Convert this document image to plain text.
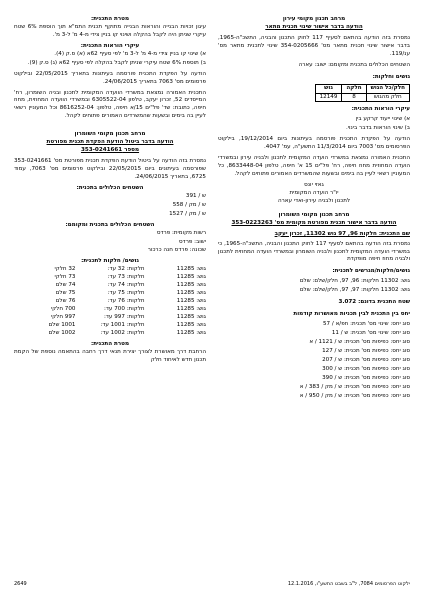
מרחב תכנון מקומי עירון
הודעה בדבר אישור שינוי תכנית מתאר

נמסרת בזה הודעה בהתאם לסעיף 117 לחוק התכנון והבניה, התשכ"ה-1965, בדבר אישור שינוי תכנית מתאר מס' 354-0205666 שינוי לתכנית מתאר מס' ענ/119.

השטחים הכלולים בתכנית ומקומם: ישוב: עארה

גושים וחלקות:
חלק/כל הגוש	חלקה	גוש
חלק מהגוש	8	12149
עיקרי הוראות התכנית:
א) שינוי ייעוד קרקע בין
ב) שינוי הוראות בדבר בינוי.

הודעה על הפקדת התכנית פורסמה בעיתונות ביום 19/12/2014, בילקוט הפרסומים מס' 7003 ביום 11/3/2014 התשע"ה, עמ' 4047.

התכנית האמורה נמצאת במשרדי הועדה המקומית לתכנון ולבניה עירון ובמשרדי הועדה המחוזית מחוז חיפה, רח' פל"ים 15 א' חיפה, טלפון 8633448-04, כל המעוניין רשאי לעיין בה בימים ובשעות שהמשרדים האמורים פתוחים לקהל.

גאזי יונס
יו"ר הועדה המקומית
לתכנון ולבניה עירון-ואדי עארה
מרחב תכנון מקומי השומרון
הודעה בדבר אישור תכנית מפורטת מקומית מס' 353-0223263
שם התכנית: חלקות 96, 97 גוש 11302, זכרון יעקב

נמסרת בזה הודעה בהתאם לסעיף 117 לחוק התכנון והבניה, התשכ"ה-1965, כי במשרדי הועדה המקומית לתכנון ולבניה השומרון ובמשרדי הועדה המחוזית לתכנון ולבניה מחוז חיפה מופקדת

גושים/חלקות/מגרשים לתכנית:
גוש: 11302 חלקות: 96, 97, חלק/שלם: שלם
גוש: 11302 חלקות: 97, 97, חלק/שלם: שלם
שטח התכנית בדונם: 3.072
יחס בין התכנית לבין תכניות מאושרות קודמות
סוג יחס: שינוי מס' תכנית: חפ/א / 57
סוג יחס: שינוי מס' תכנית: ש / 11
סוג יחס: כפיפות מס' תכנית: ש / 1121 / א
סוג יחס: כפיפות מס' תכנית: ש / 127
סוג יחס: כפיפות מס' תכנית: ש / 207
סוג יחס: כפיפות מס' תכנית: ש / 300
סוג יחס: כפיפות מס' תכנית: ש / 390
סוג יחס: כפיפות מס' תכנית: ש / מק / 383 / א
סוג יחס: כפיפות מס' תכנית: ש / מק / 950 / א
מטרת התכנית:

עיגון זכויות הבנייה והוראות הבנייה מתוקף תכנית התמ"א תוך הוספת 6% שטח עיקרי שניתן היה לקבל בהקלה ושינוי קו בניין צידי מ-4 מ' ל-3 מ'.

עיקרי הוראות התכנית:
א) שינוי קו בניין צידי מ-4 מ' ל-3 מ' לפי סעיף 62א (א) ס.ק (4).
ב) תוספת 6% שטח עיקרי שניתן לקבל בהקלה לפי סעיף 62א (ג) ס.ק (9).

הודעה על הפקדת התכנית פורסמה בעיתונות בתאריך 22/05/2015 ובילקוט פרסומים מס' 7063 בתאריך 24/06/2015.

התכנית האמורה נמצאת במשרדי הוועדה המקומית לתכנון ובניה השומרון, רח' המייסדים 52, זכרון יעקב, טלפון 6305522-04 ובמשרדי הוועדה המחוזית, מחוז חיפה, כתובת: שד' פל"ים 15/א חיפה, טלפון: 8616252-04 וכל המעוניין רשאי לעיין בה בימים ובשעות שהמשרדים האמורים פתוחים לקהל.

מרחב תכנון מקומי השומרון
הודעה בדבר ביטול הודעת הפקדת תכנית מפורטת
מספר 353-0241661

נמסרת בזה הודעה על ביטול הודעת הפקדת תכנית מפורטת מס' 353-0241661 שפורסמה בעיתונים ביום 22/05/2015 ובילקוט פרסומים מס' 7063, עמוד 6725, בתאריך 24/06/2015.

השטחים הכלולים בתכנית:
ש / 391
ש / מק / 558
ש / מק / 1527
השטחים הכלולים בתכנית ומקומם:
רשות מקומית: פרדס
ישוב: פרדס
שכונה: פרדס חנה כרכור
גושים/ חלקות לתכנית:
גוש: 11285
חלקות: 32 עד:
32 חלקי
גוש: 11285
חלקות: 73 עד:
73 חלקי
גוש: 11285
חלקות: 74 עד:
74 שלם
גוש: 11285
חלקות: 75 עד:
75 שלם
גוש: 11285
חלקות: 76 עד:
76 שלם
גוש: 11285
חלקות: 700 עד:
700 חלקי
גוש: 11285
חלקות: 997 עד:
997 חלקי
גוש: 11285
חלקות: 1001 עד:
1001 שלם
גוש: 11285
חלקות: 1002 עד:
1002 שלם
מטרת התכנית:

הרחבת דרך מאושרת לצורך יצירת תנאי דרך רחבה בהתאמה נוספת של הקמת תכנון חדש לאיחוד חלק

ילקוט הפרסומים 7084, ל"ב בשבט התשע"ו, 12.1.2016
2649
